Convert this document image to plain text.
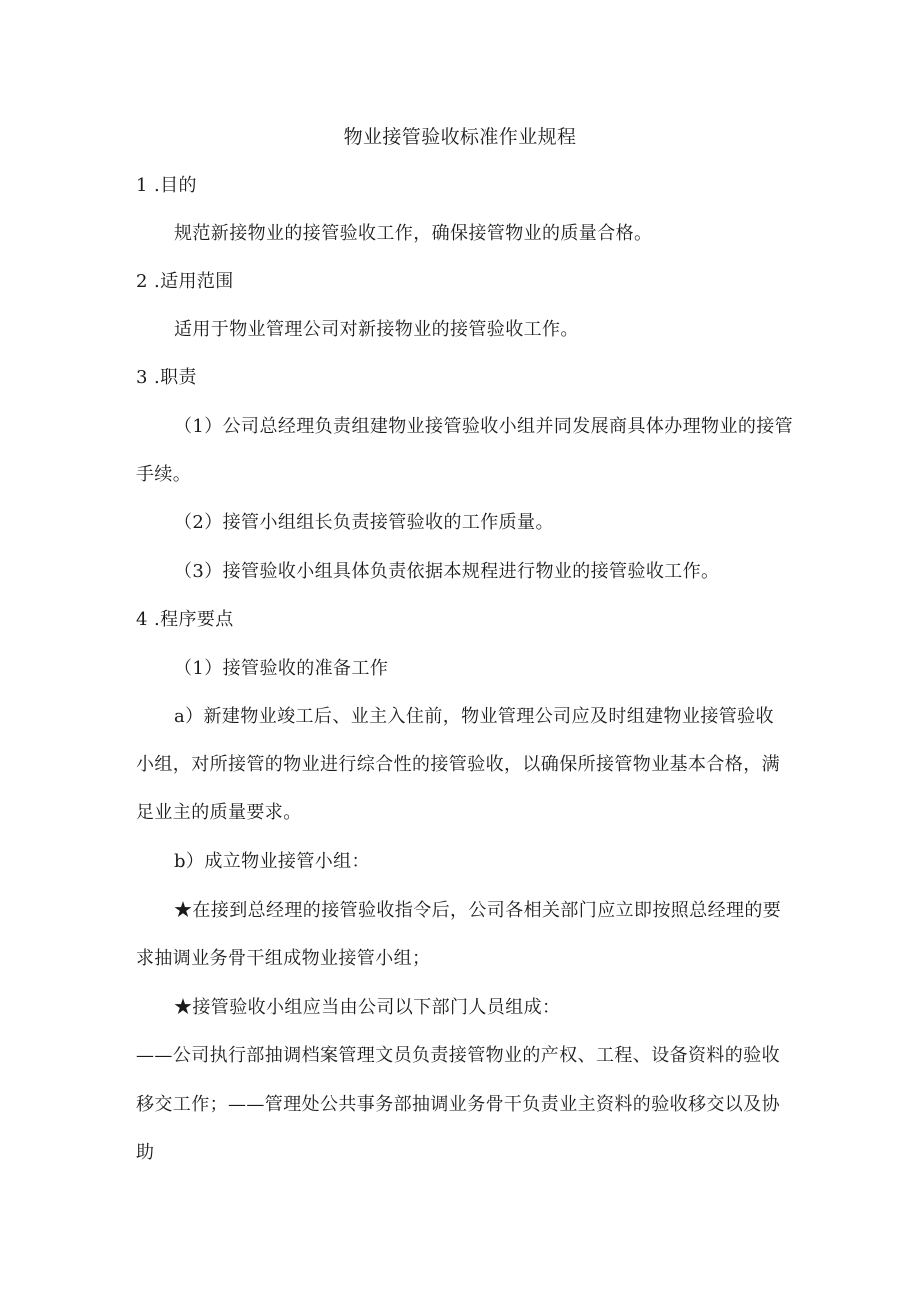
物业接管验收标准作业规程
1 .目的
规范新接物业的接管验收工作，确保接管物业的质量合格。
2 .适用范围
适用于物业管理公司对新接物业的接管验收工作。
3 .职责
（1）公司总经理负责组建物业接管验收小组并同发展商具体办理物业的接管
手续。
（2）接管小组组长负责接管验收的工作质量。
（3）接管验收小组具体负责依据本规程进行物业的接管验收工作。
4 .程序要点
（1）接管验收的准备工作
a）新建物业竣工后、业主入住前，物业管理公司应及时组建物业接管验收
小组，对所接管的物业进行综合性的接管验收，以确保所接管物业基本合格，满
足业主的质量要求。
b）成立物业接管小组：
★在接到总经理的接管验收指令后，公司各相关部门应立即按照总经理的要
求抽调业务骨干组成物业接管小组；
★接管验收小组应当由公司以下部门人员组成：
——公司执行部抽调档案管理文员负责接管物业的产权、工程、设备资料的验收
移交工作；——管理处公共事务部抽调业务骨干负责业主资料的验收移交以及协
助
